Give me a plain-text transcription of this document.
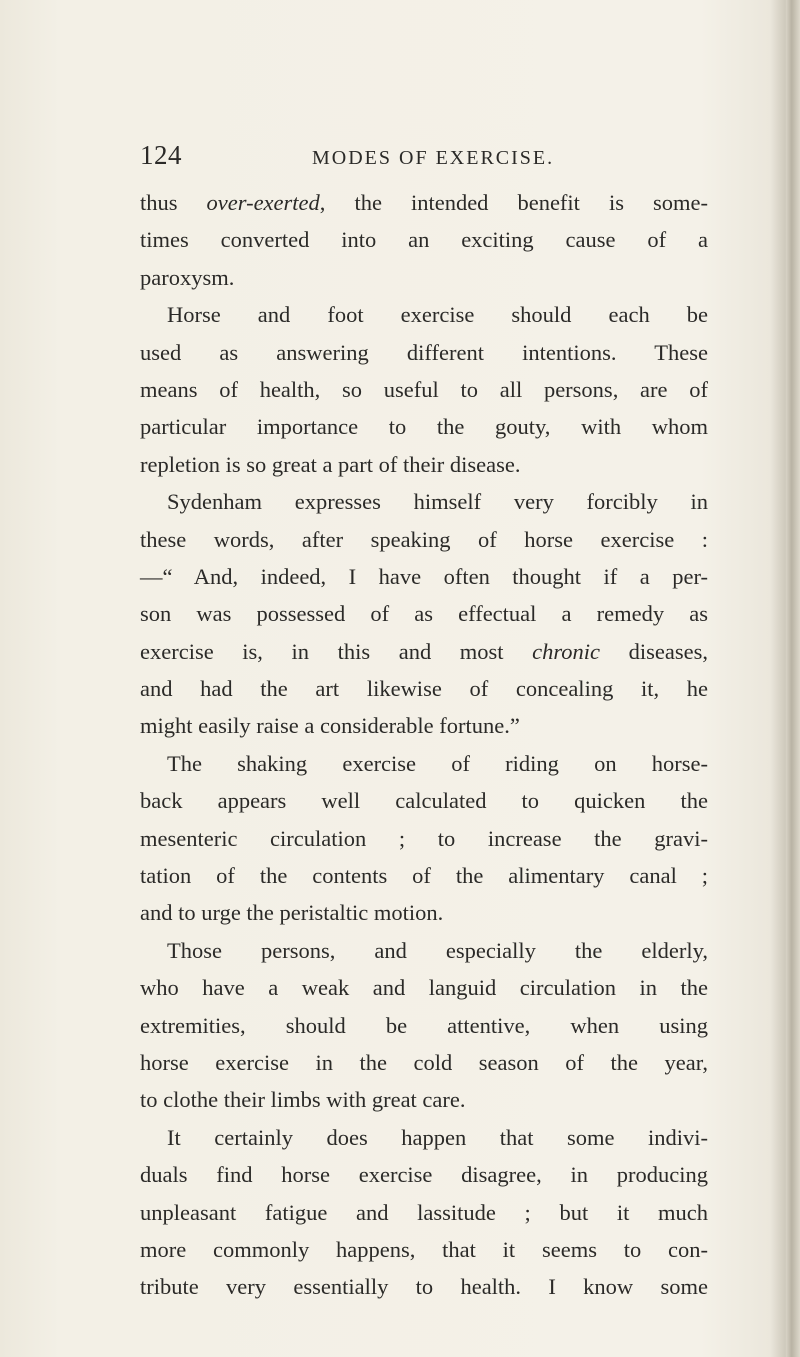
124	MODES OF EXERCISE.
thus over-exerted, the intended benefit is some-
times converted into an exciting cause of a
paroxysm.
Horse and foot exercise should each be
used as answering different intentions. These
means of health, so useful to all persons, are of
particular importance to the gouty, with whom
repletion is so great a part of their disease.
Sydenham expresses himself very forcibly in
these words, after speaking of horse exercise :
—“ And, indeed, I have often thought if a per-
son was possessed of as effectual a remedy as
exercise is, in this and most chronic diseases,
and had the art likewise of concealing it, he
might easily raise a considerable fortune.”
The shaking exercise of riding on horse-
back appears well calculated to quicken the
mesenteric circulation ; to increase the gravi-
tation of the contents of the alimentary canal ;
and to urge the peristaltic motion.
Those persons, and especially the elderly,
who have a weak and languid circulation in the
extremities, should be attentive, when using
horse exercise in the cold season of the year,
to clothe their limbs with great care.
It certainly does happen that some indivi-
duals find horse exercise disagree, in producing
unpleasant fatigue and lassitude ; but it much
more commonly happens, that it seems to con-
tribute very essentially to health. I know some
